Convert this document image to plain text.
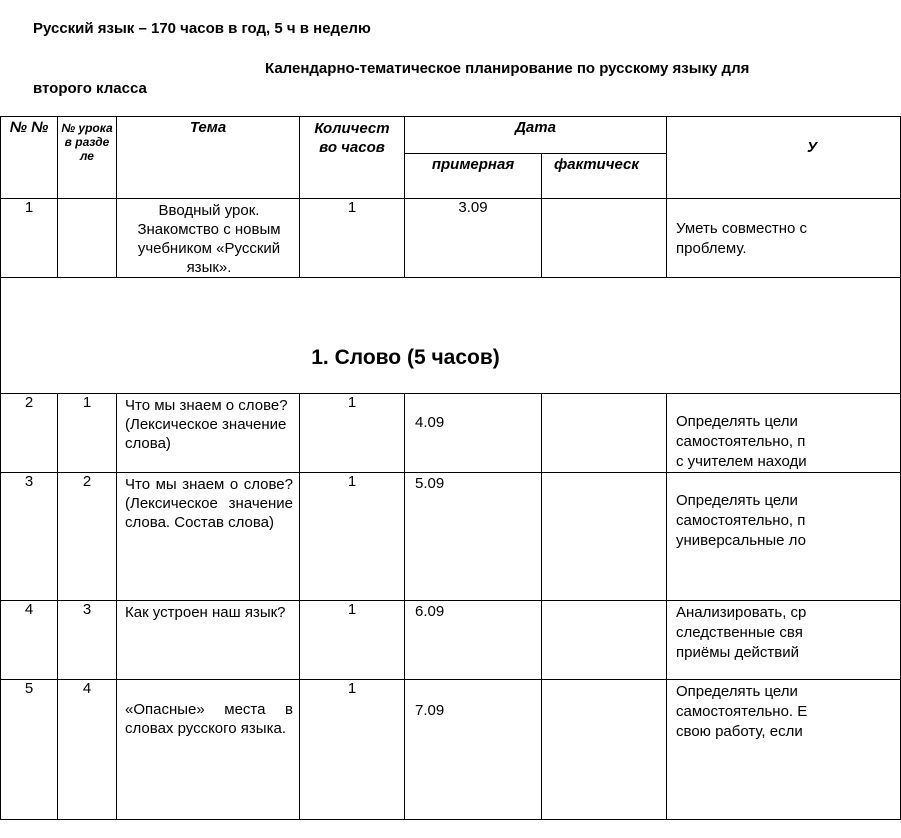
Русский язык – 170 часов в год, 5 ч в неделю
Календарно-тематическое планирование по русскому языку для
второго класса
№ №	№ урока в разде ле	Тема	Количест во часов	Дата		У
				примерная	фактическ	
1		Вводный урок. Знакомство с новым учебником «Русский язык».	1	3.09		Уметь совместно с
проблему.

1. Слово (5 часов)						
2	1	Что мы знаем о слове? (Лексическое значение слова)	1	4.09		Определять цели
самостоятельно, п
с учителем находи

3	2	Что мы знаем о слове? (Лексическое значение слова. Состав слова)	1	5.09		Определять цели
самостоятельно, п
универсальные ло

4	3	Как устроен наш язык?	1	6.09		Анализировать, ср
следственные свя
приёмы действий

5	4	«Опасные» места в словах русского языка.	1	7.09		Определять цели
самостоятельно. Е
свою работу, если
